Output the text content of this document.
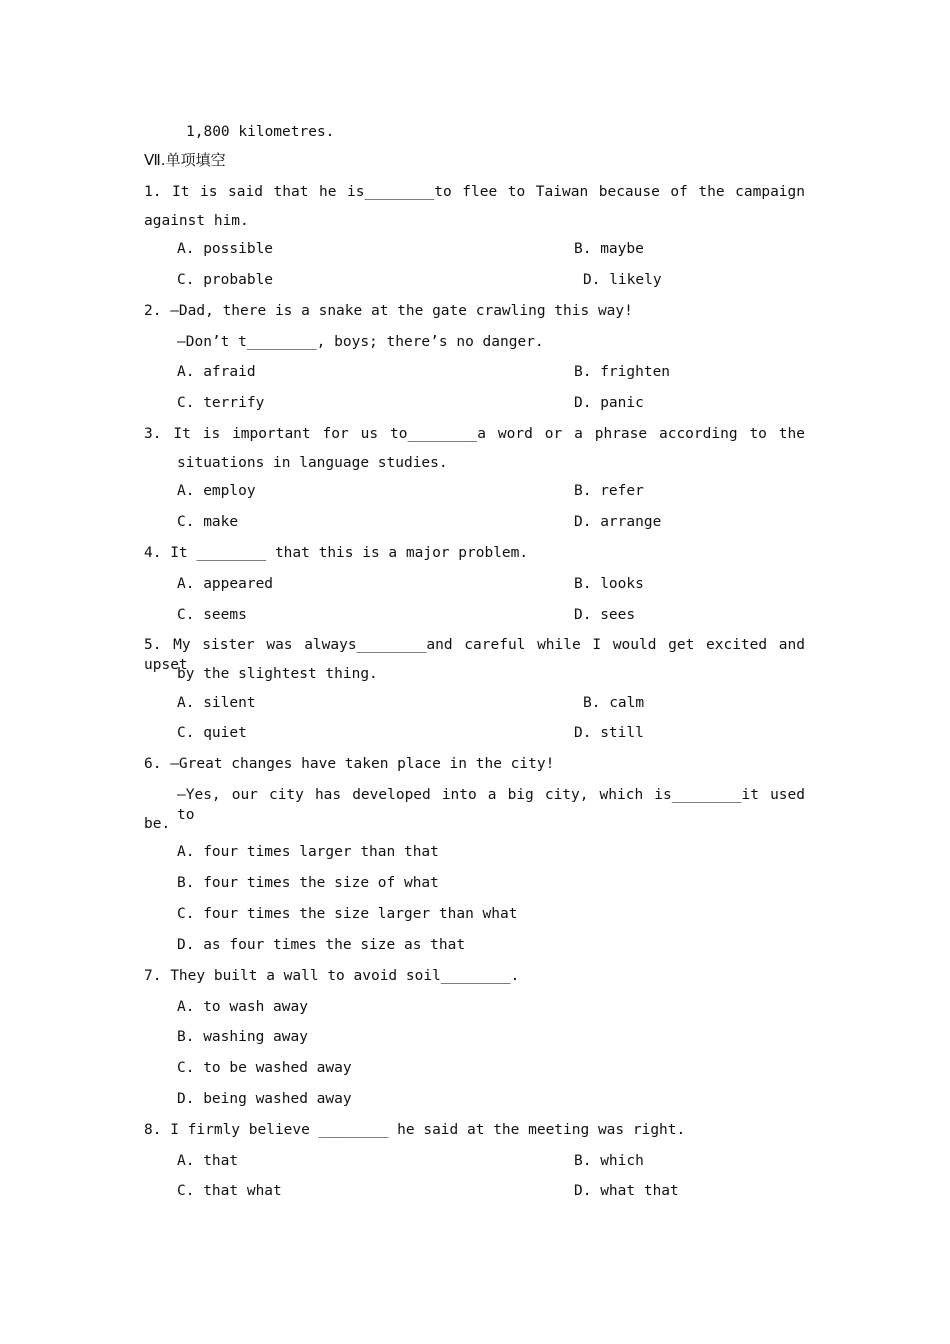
1,800 kilometres.
Ⅶ.单项填空
1. It is said that he is________to flee to Taiwan because of the campaign
against him.
A. possible	B. maybe
C. probable	D. likely
2. —Dad, there is a snake at the gate crawling this way!
—Don’t t________, boys; there’s no danger.
A. afraid	B. frighten
C. terrify	D. panic
3. It is important for us to________a word or a phrase according to the
situations in language studies.
A. employ	B. refer
C. make	D. arrange
4. It ________ that this is a major problem.
A. appeared	B. looks
C. seems	D. sees
5. My sister was always________and careful while I would get excited and upset
by the slightest thing.
A. silent	B. calm
C. quiet	D. still
6. —Great changes have taken place in the city!
—Yes, our city has developed into a big city, which is________it used to
be.
A. four times larger than that
B. four times the size of what
C. four times the size larger than what
D. as four times the size as that
7. They built a wall to avoid soil________.
A. to wash away
B. washing away
C. to be washed away
D. being washed away
8. I firmly believe ________ he said at the meeting was right.
A. that	B. which
C. that what	D. what that
